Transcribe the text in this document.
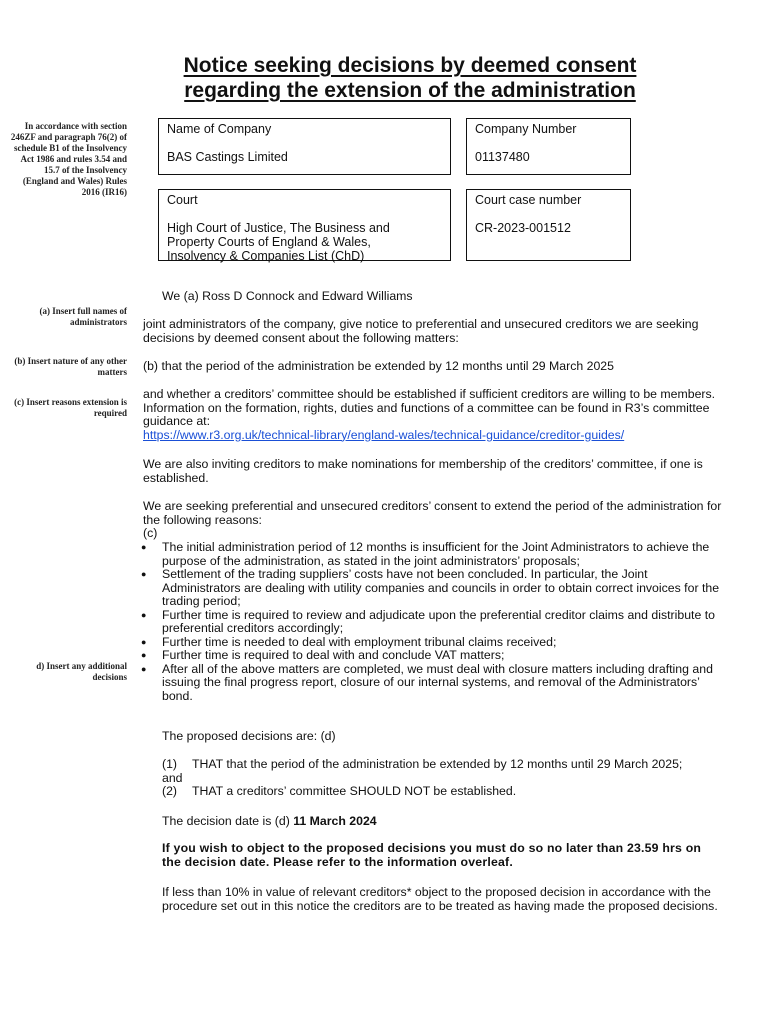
Notice seeking decisions by deemed consent
regarding the extension of the administration
In accordance with section 246ZF and paragraph 76(2) of schedule B1 of the Insolvency Act 1986 and rules 3.54 and 15.7 of the Insolvency (England and Wales) Rules 2016 (IR16)
(a) Insert full names of administrators
(b) Insert nature of any other matters
(c) Insert reasons extension is required
d) Insert any additional decisions
Name of Company
BAS Castings Limited
Company Number
01137480
Court
High Court of Justice, The Business and Property Courts of England & Wales, Insolvency & Companies List (ChD)
Court case number
CR-2023-001512
We (a) Ross D Connock and Edward Williams
joint administrators of the company, give notice to preferential and unsecured creditors we are seeking decisions by deemed consent about the following matters:
(b) that the period of the administration be extended by 12 months until 29 March 2025
and whether a creditors’ committee should be established if sufficient creditors are willing to be members. Information on the formation, rights, duties and functions of a committee can be found in R3’s committee guidance at:
https://www.r3.org.uk/technical-library/england-wales/technical-guidance/creditor-guides/
We are also inviting creditors to make nominations for membership of the creditors’ committee, if one is established.
We are seeking preferential and unsecured creditors’ consent to extend the period of the administration for the following reasons:
(c)
● The initial administration period of 12 months is insufficient for the Joint Administrators to achieve the purpose of the administration, as stated in the joint administrators’ proposals;
● Settlement of the trading suppliers’ costs have not been concluded. In particular, the Joint Administrators are dealing with utility companies and councils in order to obtain correct invoices for the trading period;
● Further time is required to review and adjudicate upon the preferential creditor claims and distribute to preferential creditors accordingly;
● Further time is needed to deal with employment tribunal claims received;
● Further time is required to deal with and conclude VAT matters;
● After all of the above matters are completed, we must deal with closure matters including drafting and issuing the final progress report, closure of our internal systems, and removal of the Administrators’ bond.
The proposed decisions are: (d)
(1) THAT that the period of the administration be extended by 12 months until 29 March 2025;
and
(2) THAT a creditors’ committee SHOULD NOT be established.
The decision date is (d) 11 March 2024
If you wish to object to the proposed decisions you must do so no later than 23.59 hrs on the decision date. Please refer to the information overleaf.
If less than 10% in value of relevant creditors* object to the proposed decision in accordance with the procedure set out in this notice the creditors are to be treated as having made the proposed decisions.
